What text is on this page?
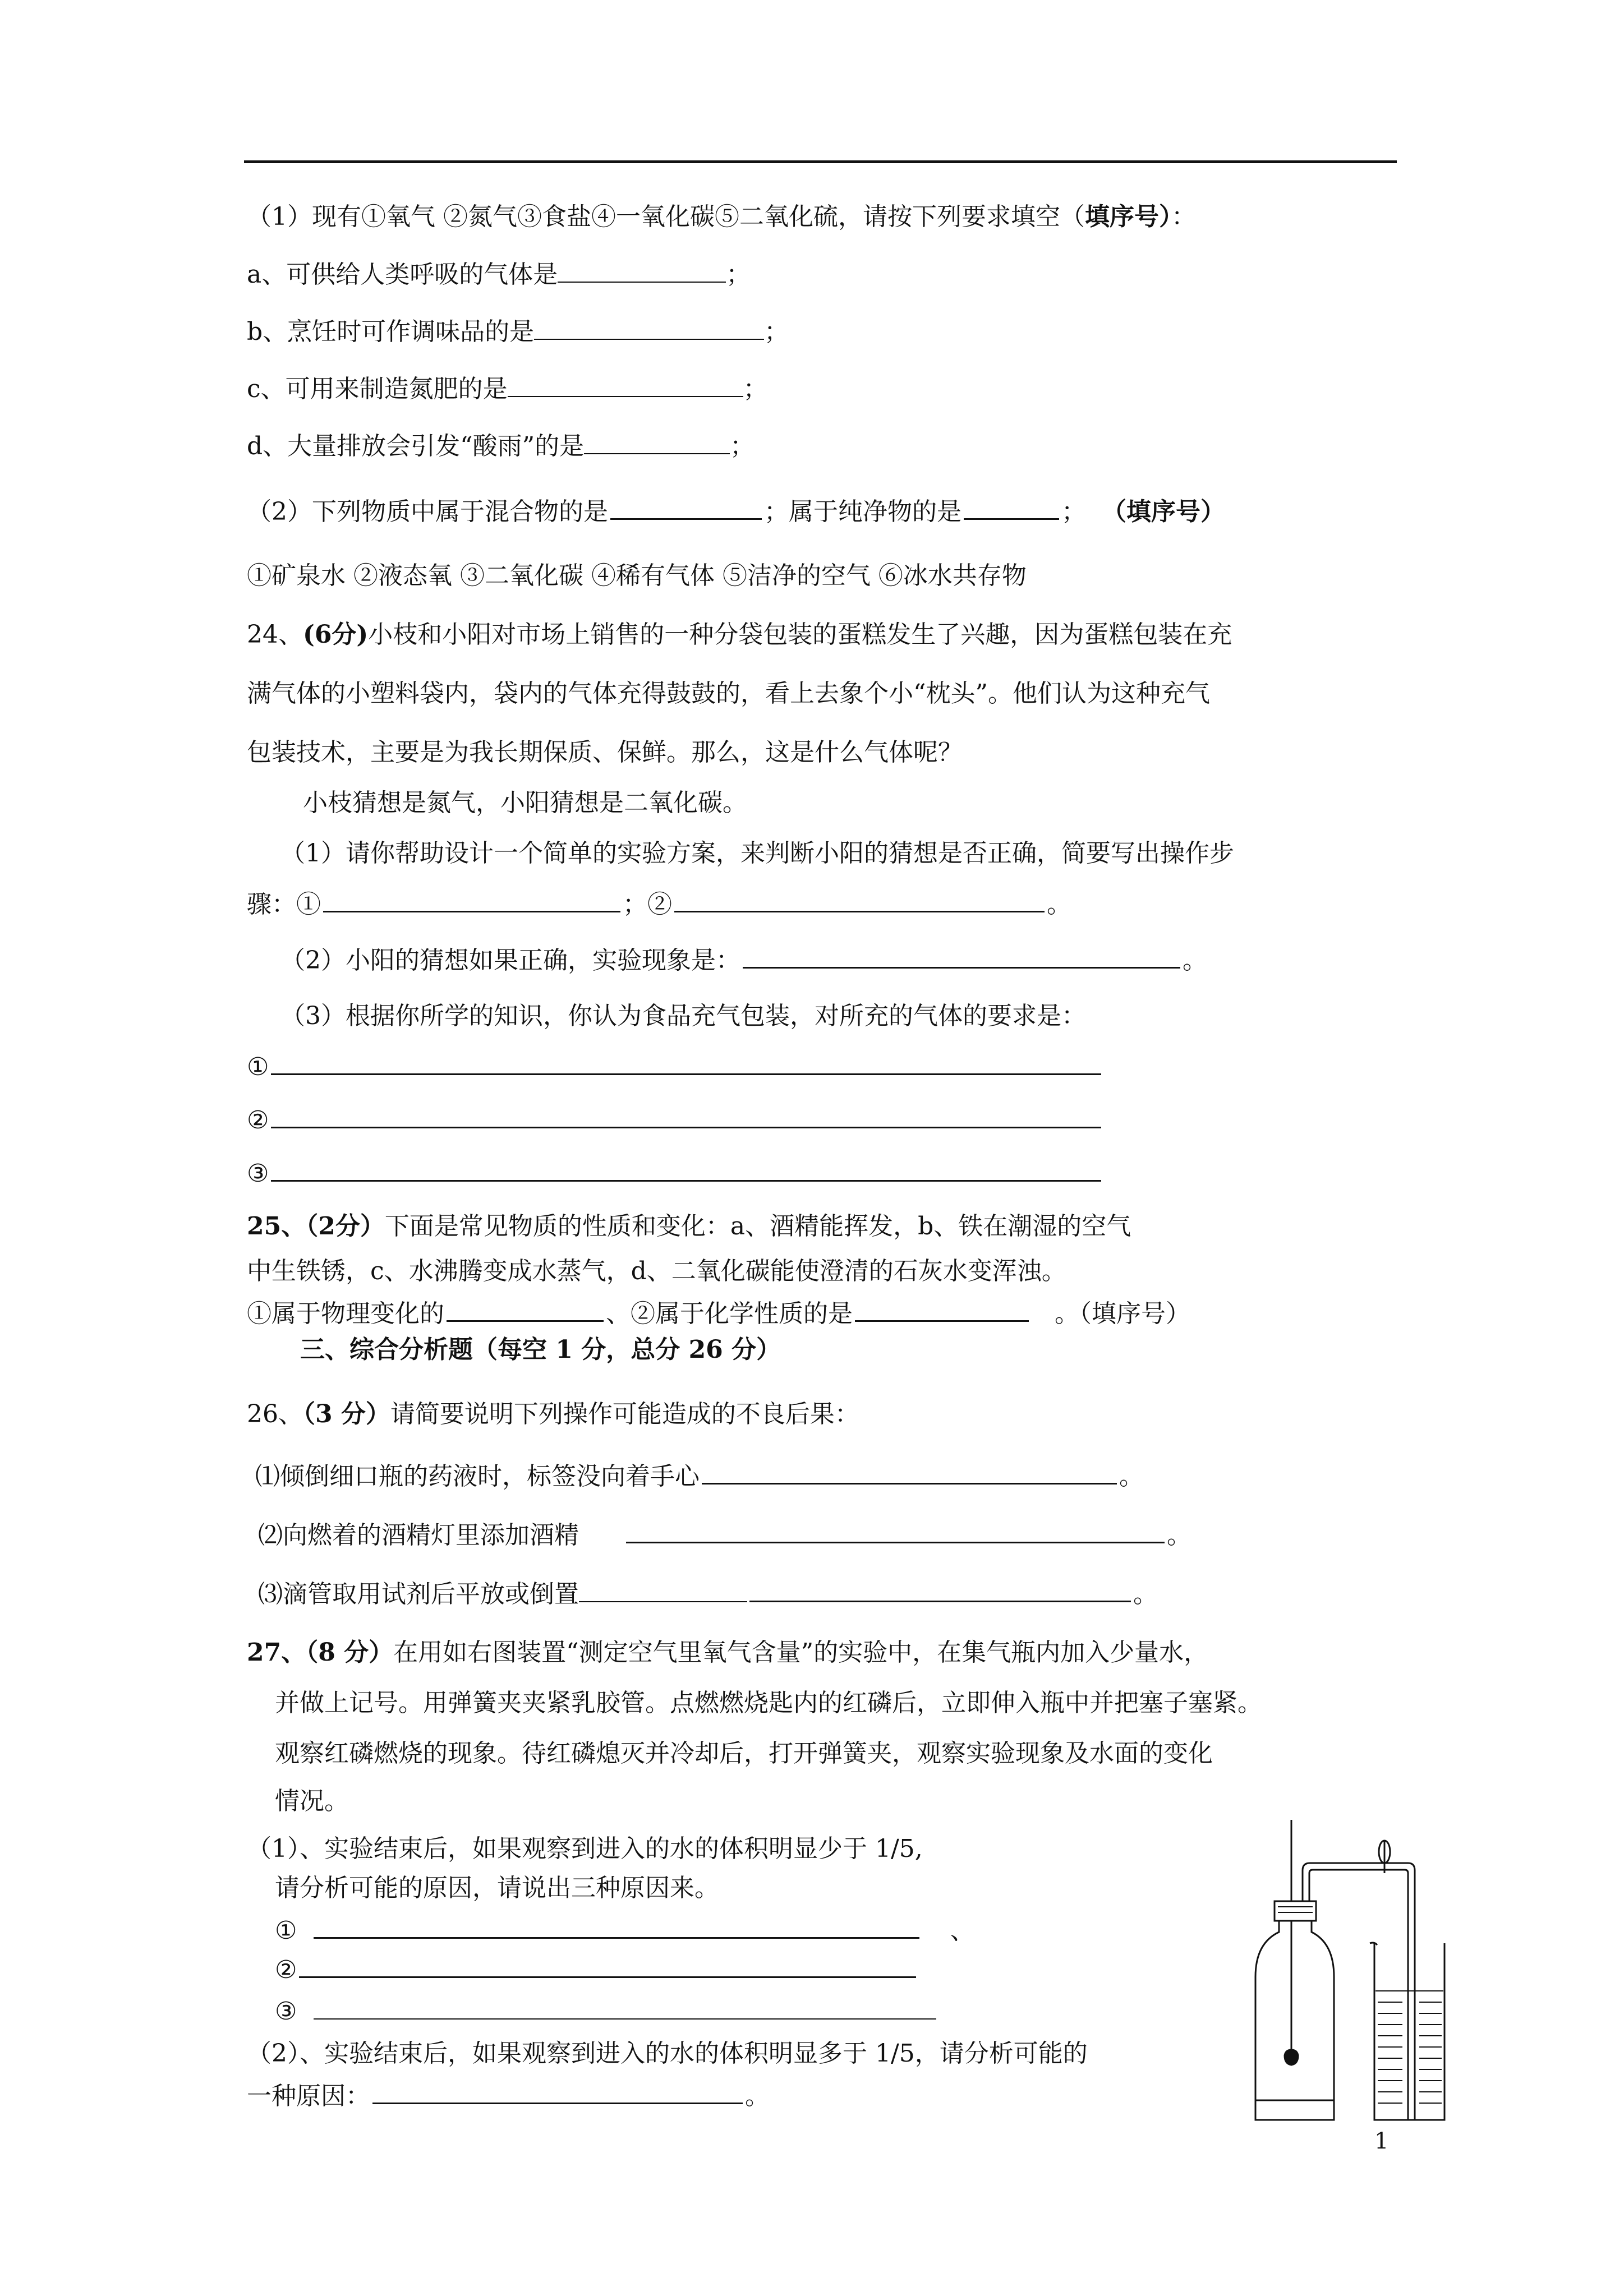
（1）现有①氧气 ②氮气③食盐④一氧化碳⑤二氧化硫，请按下列要求填空（填序号）：
a、可供给人类呼吸的气体是	；
b、烹饪时可作调味品的是	；
c、可用来制造氮肥的是	；
d、大量排放会引发“酸雨”的是	；
（2）下列物质中属于混合物的是	；属于纯净物的是	； （填序号）
①矿泉水 ②液态氧 ③二氧化碳 ④稀有气体 ⑤洁净的空气 ⑥冰水共存物
24、(6分)小枝和小阳对市场上销售的一种分袋包装的蛋糕发生了兴趣，因为蛋糕包装在充
满气体的小塑料袋内，袋内的气体充得鼓鼓的，看上去象个小“枕头”。他们认为这种充气
包装技术，主要是为我长期保质、保鲜。那么，这是什么气体呢？
小枝猜想是氮气，小阳猜想是二氧化碳。
（1）请你帮助设计一个简单的实验方案，来判断小阳的猜想是否正确，简要写出操作步
骤：①	；②	。
（2）小阳的猜想如果正确，实验现象是：	。
（3）根据你所学的知识，你认为食品充气包装，对所充的气体的要求是：
①
②
③
25、（2分）下面是常见物质的性质和变化：a、酒精能挥发，b、铁在潮湿的空气
中生铁锈，c、水沸腾变成水蒸气，d、二氧化碳能使澄清的石灰水变浑浊。
①属于物理变化的	、②属于化学性质的是	。（填序号）
三、综合分析题（每空 1 分，总分 26 分）
26、（3 分）请简要说明下列操作可能造成的不良后果：
⑴倾倒细口瓶的药液时，标签没向着手心	。
⑵向燃着的酒精灯里添加酒精	。
⑶滴管取用试剂后平放或倒置	。
27、（8 分）在用如右图装置“测定空气里氧气含量”的实验中，在集气瓶内加入少量水，
并做上记号。用弹簧夹夹紧乳胶管。点燃燃烧匙内的红磷后，立即伸入瓶中并把塞子塞紧。
观察红磷燃烧的现象。待红磷熄灭并冷却后，打开弹簧夹，观察实验现象及水面的变化
情况。
（1）、实验结束后，如果观察到进入的水的体积明显少于 1/5,
请分析可能的原因，请说出三种原因来。
①	、
②
③
（2）、实验结束后，如果观察到进入的水的体积明显多于 1/5，请分析可能的
一种原因：	。
1
